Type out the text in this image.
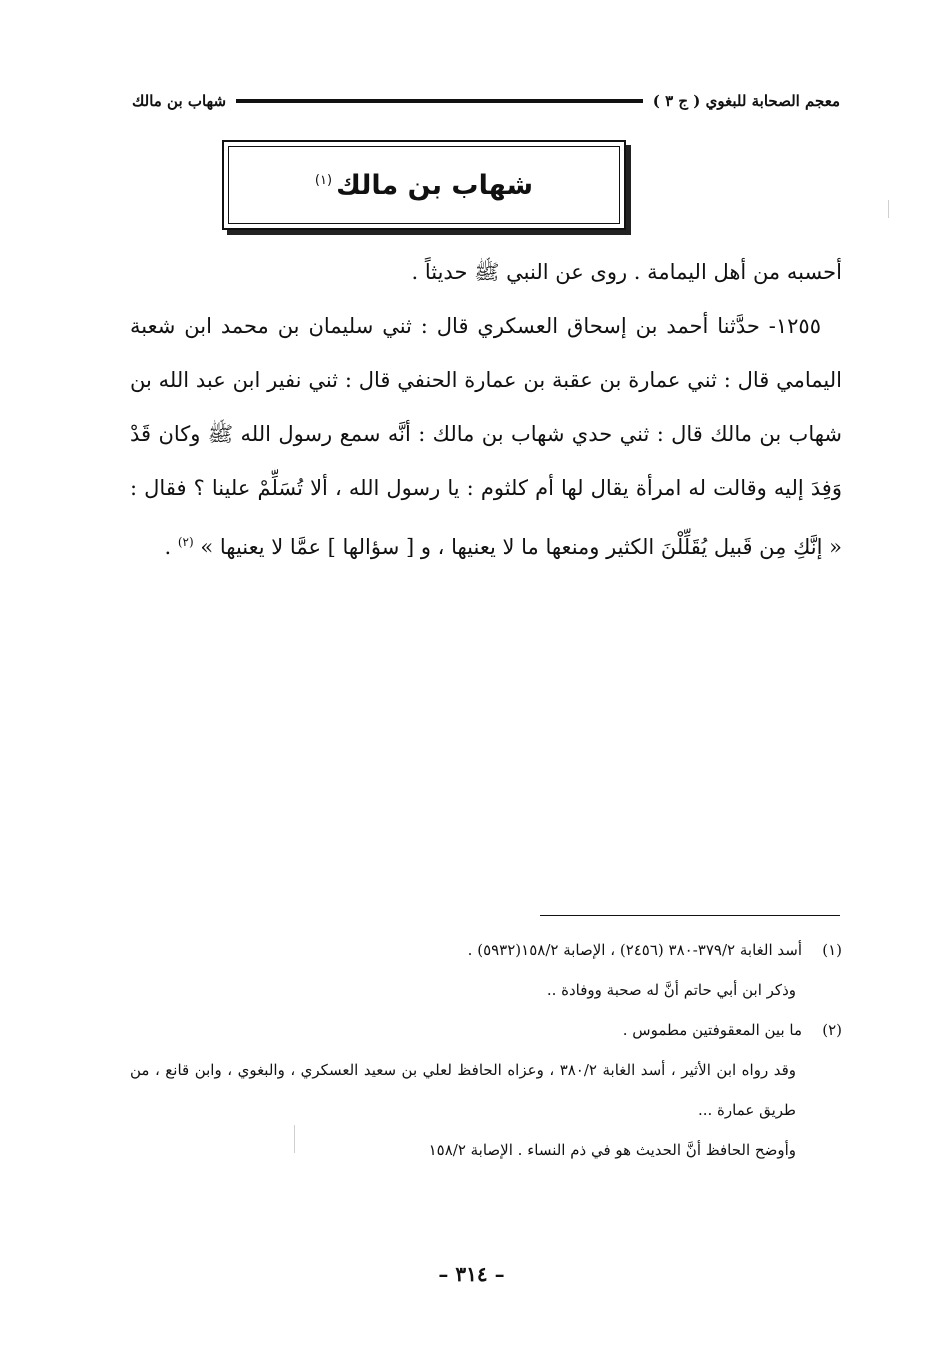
معجم الصحابة للبغوي ( ج ٣ )
شهاب بن مالك
شهاب بن مالك$^{(١)}$

أحسبه من أهل اليمامة . روى عن النبي ﷺ حديثاً .

 ١٢٥٥- حدَّثنا أحمد بن إسحاق العسكري قال : ثني سليمان بن محمد ابن شعبة اليمامي قال : ثني عمارة بن عقبة بن عمارة الحنفي قال : ثني نفير ابن عبد الله بن شهاب بن مالك قال : ثني حدي شهاب بن مالك : أنَّه سمع رسول الله ﷺ وكان قَدْ وَفِدَ إليه وقالت له امرأة يقال لها أم كلثوم : يا رسول الله ، ألا تُسَلِّمْ علينا ؟ فقال : « إنَّكِ مِن قَبيل يُقَلِّلْنَ الكثير ومنعها ما لا يعنيها ، و [ سؤالها ] عمَّا لا يعنيها » $^{(٢)}$ .

(١)أسد الغابة ٣٧٩/٢-٣٨٠ (٢٤٥٦) ، الإصابة ١٥٨/٢(٥٩٣٢) .

وذكر ابن أبي حاتم أنَّ له صحبة ووفادة ..

(٢)ما بين المعقوفتين مطموس .

وقد رواه ابن الأثير ، أسد الغابة ٣٨٠/٢ ، وعزاه الحافظ لعلي بن سعيد العسكري ، والبغوي ، وابن قانع ، من طريق عمارة ...

وأوضح الحافظ أنَّ الحديث هو في ذم النساء . الإصابة ١٥٨/٢

– ٣١٤ –
